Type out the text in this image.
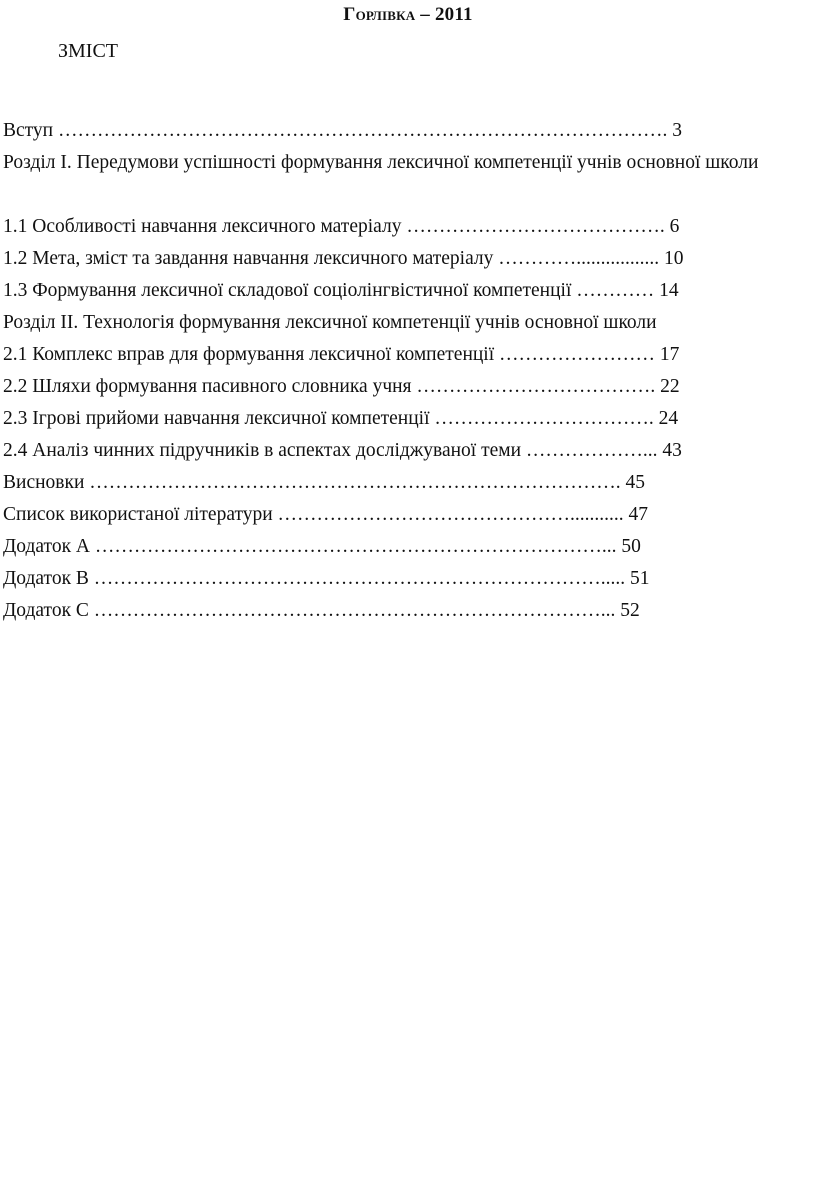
Горлівка – 2011
ЗМІСТ
Вступ …………………………………………………………………………………. 3
Розділ І. Передумови успішності формування лексичної компетенції учнів основної школи
1.1 Особливості навчання лексичного матеріалу …………………………………. 6
1.2 Мета, зміст та завдання навчання лексичного матеріалу …………................. 10
1.3 Формування лексичної складової соціолінгвістичної компетенції ………… 14
Розділ ІІ. Технологія формування лексичної компетенції учнів основної школи
2.1 Комплекс вправ для формування лексичної компетенції …………………… 17
2.2 Шляхи формування пасивного словника учня ………………………………. 22
2.3 Ігрові прийоми навчання лексичної компетенції ……………………………. 24
2.4 Аналіз чинних підручників в аспектах досліджуваної теми ………………... 43
Висновки ………………………………………………………………………. 45
Список використаної літератури ………………………………………........... 47
Додаток А ……………………………………………………………………... 50
Додаток В ……………………………………………………………………..... 51
Додаток С ……………………………………………………………………... 52
